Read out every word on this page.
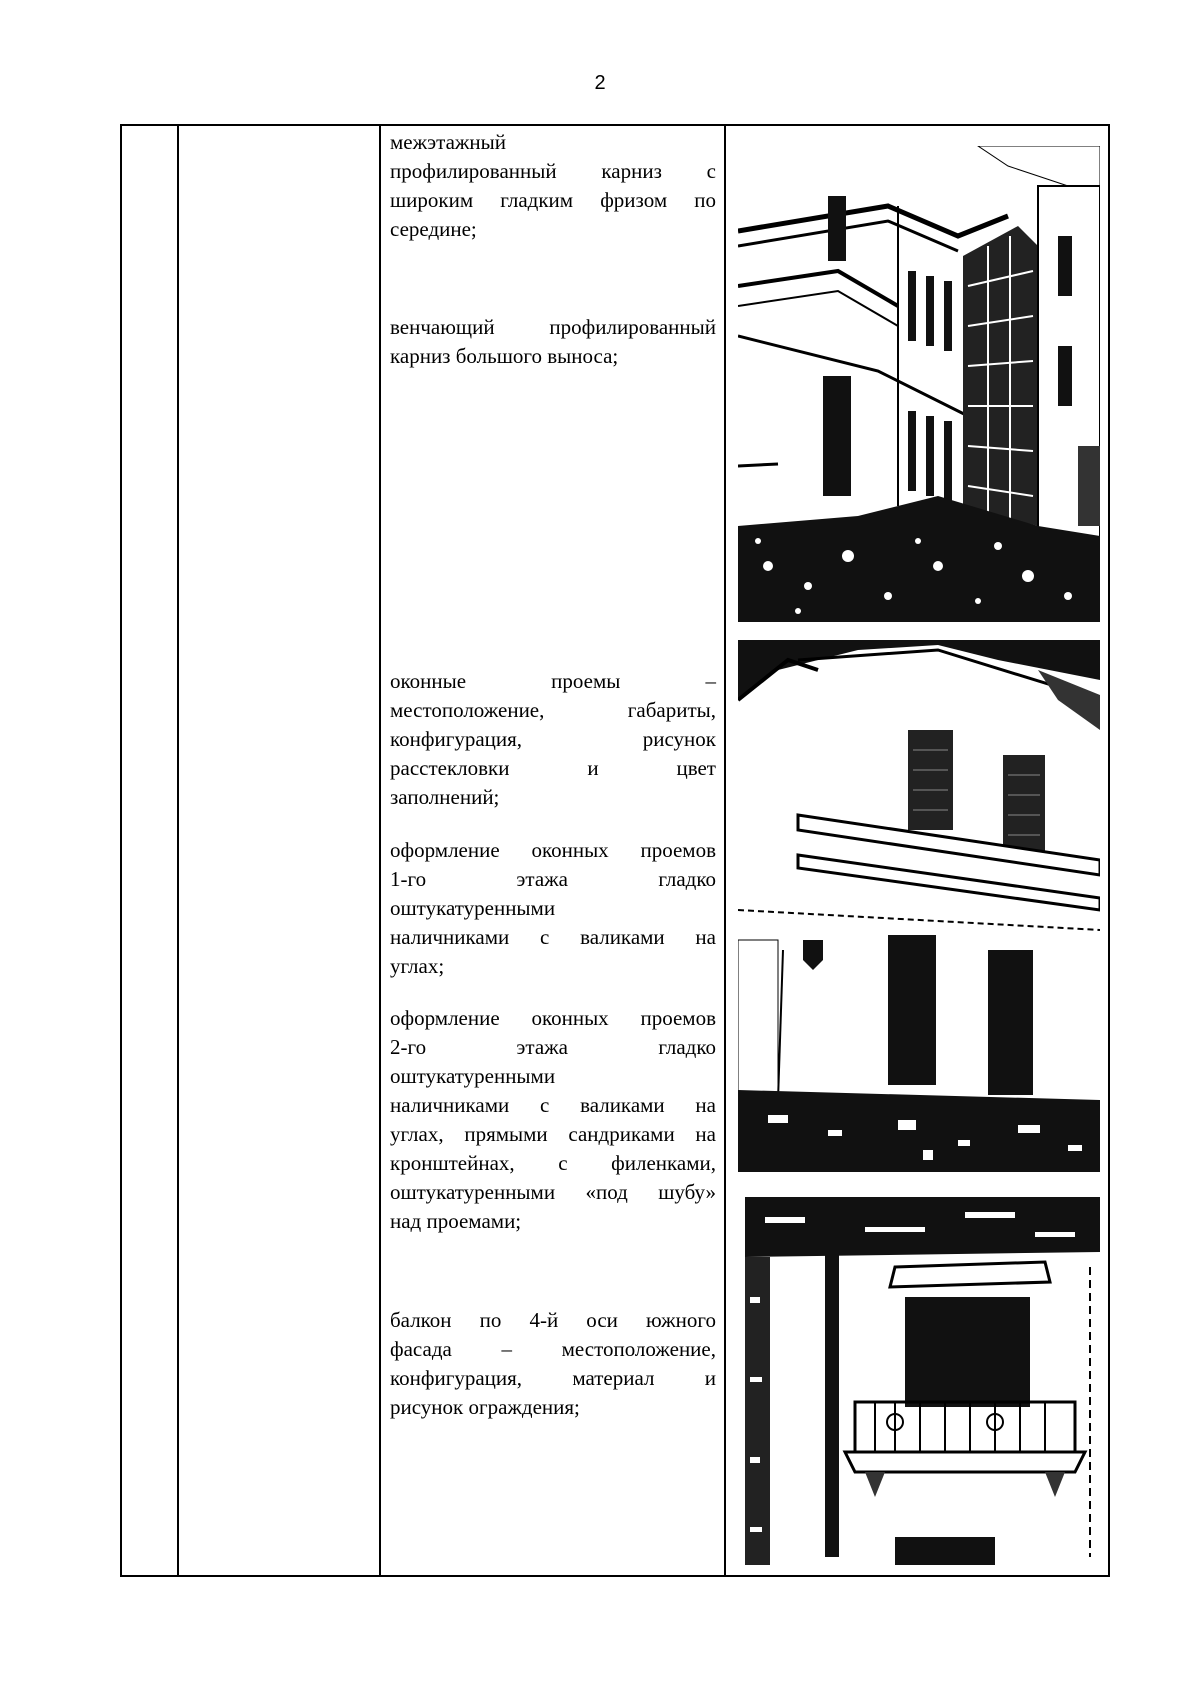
2

межэтажный

профилированный карниз с

широким гладким фризом по

середине;

венчающий профилированный

карниз большого выноса;

оконные проемы –

местоположение, габариты,

конфигурация, рисунок

расстекловки и цвет

заполнений;

оформление оконных проемов

1-го этажа гладко

оштукатуренными

наличниками с валиками на

углах;

оформление оконных проемов

2-го этажа гладко

оштукатуренными

наличниками с валиками на

углах, прямыми сандриками на

кронштейнах, с филенками,

оштукатуренными «под шубу»

над проемами;

балкон по 4-й оси южного

фасада – местоположение,

конфигурация, материал и

рисунок ограждения;
